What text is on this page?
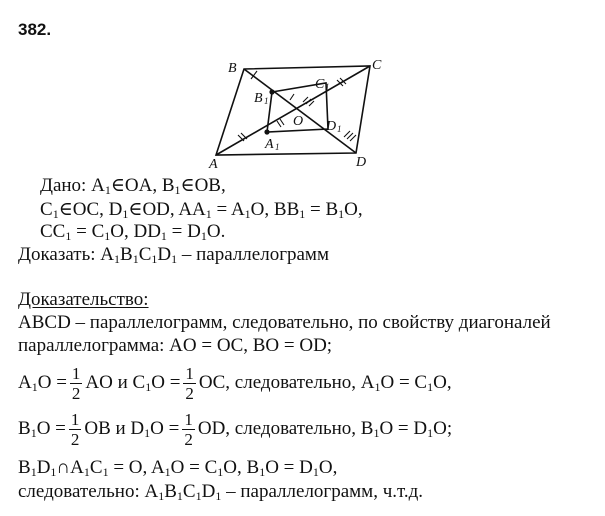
382.
B	C
A	D
O
B 1
C 1
D 1
A 1
Дано: $A_1\in OA$, $B_1\in OB$,
$C_1\in OC$, $D_1\in OD$, $AA_1 = A_1O$, $BB_1 = B_1O$,
$CC_1 = C_1O$, $DD_1 = D_1O$.
Доказать: $A_1B_1C_1D_1$ – параллелограмм
Доказательство:
ABCD – параллелограмм, следовательно, по свойству диагоналей
параллелограмма: AO = OC, BO = OD;
$A_1O = \frac{1}{2}$ AO и $C_1O = \frac{1}{2}$ OC, следовательно, $A_1O = C_1O$,
$B_1O = \frac{1}{2}$ OB и $D_1O = \frac{1}{2}$ OD, следовательно, $B_1O = D_1O$;
$B_1D_1\cap A_1C_1 = O$, $A_1O = C_1O$, $B_1O = D_1O$,
следовательно: $A_1B_1C_1D_1$ – параллелограмм, ч.т.д.
